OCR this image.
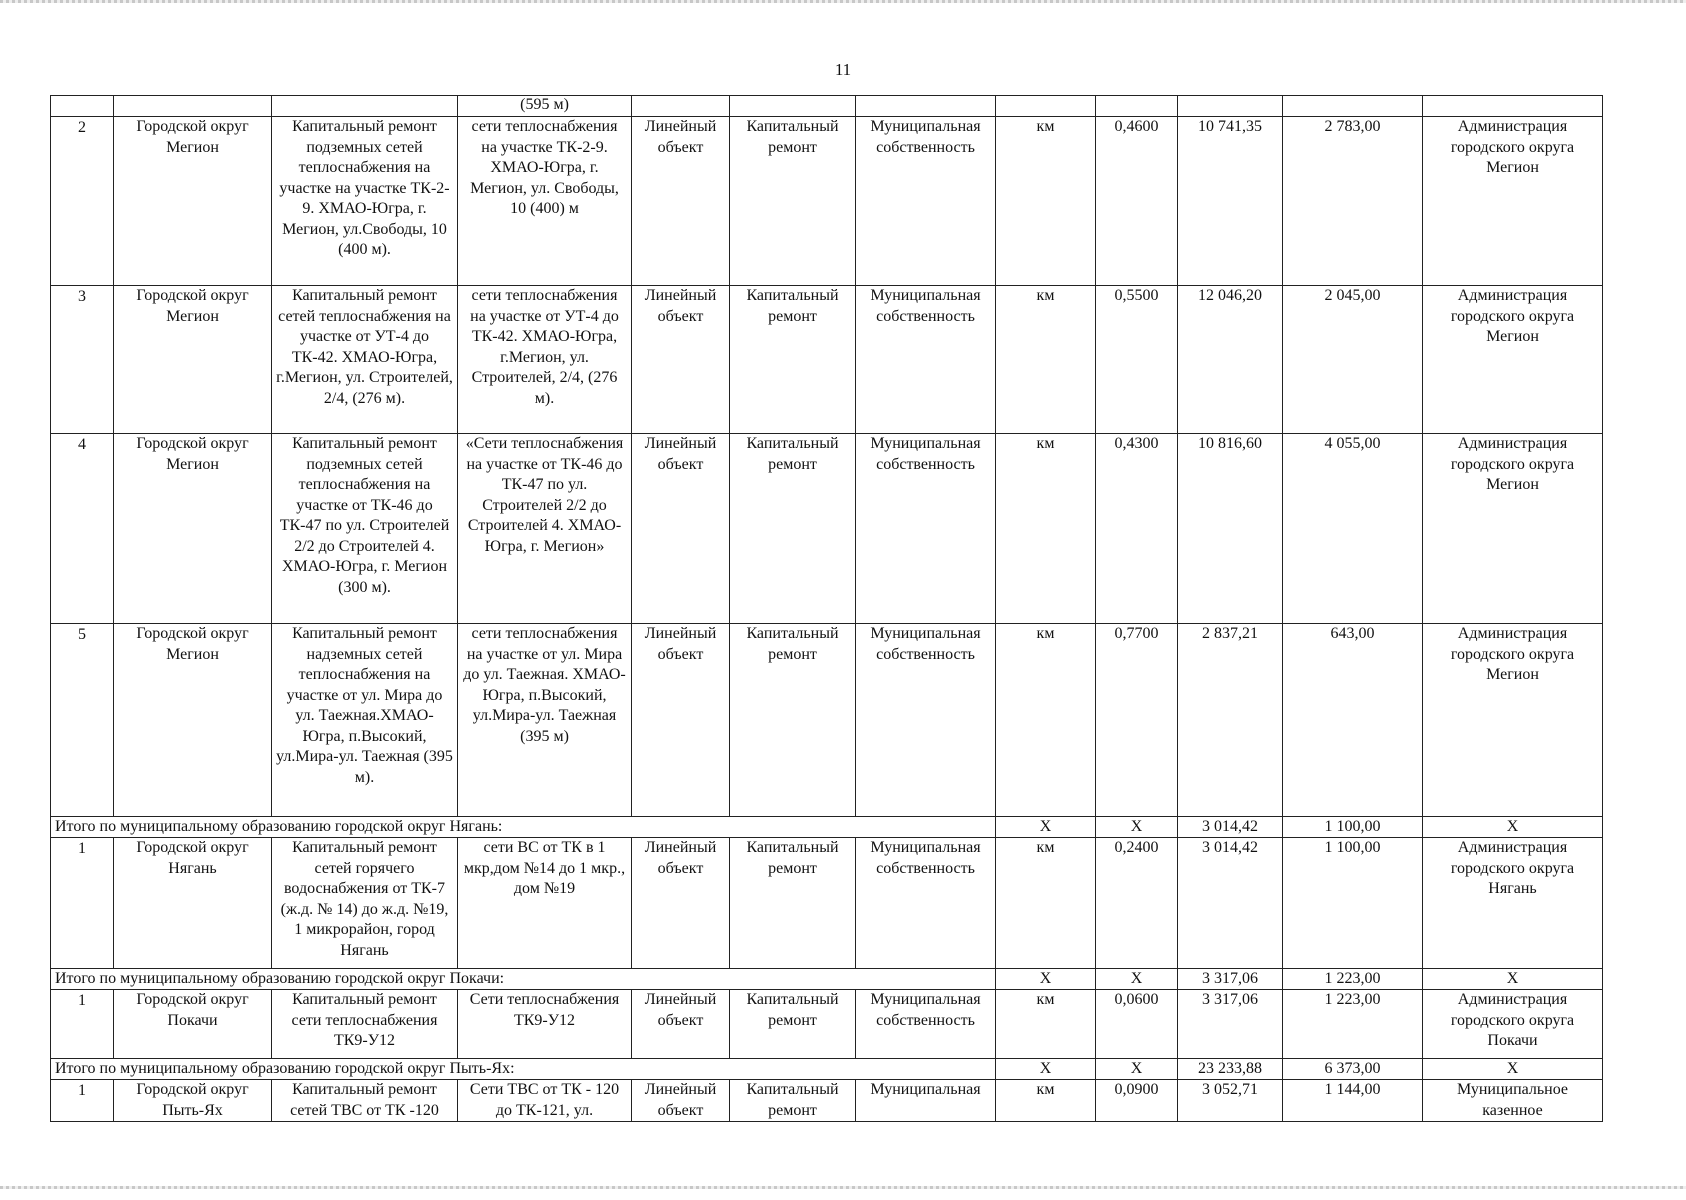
11
			(595 м)								
2	Городской округ Мегион	Капитальный ремонт подземных сетей теплоснабжения на участке на участке ТК-2-9. ХМАО-Югра, г. Мегион, ул.Свободы, 10 (400 м).	сети теплоснабжения на участке ТК-2-9. ХМАО-Югра, г. Мегион, ул. Свободы, 10 (400) м	Линейный объект	Капитальный ремонт	Муниципальная собственность	км	0,4600	10 741,35	2 783,00	Администрация городского округа Мегион
3	Городской округ Мегион	Капитальный ремонт сетей теплоснабжения на участке от УТ-4 до ТК-42. ХМАО-Югра, г.Мегион, ул. Строителей, 2/4, (276 м).	сети теплоснабжения на участке от УТ-4 до ТК-42. ХМАО-Югра, г.Мегион, ул. Строителей, 2/4, (276 м).	Линейный объект	Капитальный ремонт	Муниципальная собственность	км	0,5500	12 046,20	2 045,00	Администрация городского округа Мегион
4	Городской округ Мегион	Капитальный ремонт подземных сетей теплоснабжения на участке от ТК-46 до ТК-47 по ул. Строителей 2/2 до Строителей 4. ХМАО-Югра, г. Мегион (300 м).	«Сети теплоснабжения на участке от ТК-46 до ТК-47 по ул. Строителей 2/2 до Строителей 4. ХМАО-Югра, г. Мегион»	Линейный объект	Капитальный ремонт	Муниципальная собственность	км	0,4300	10 816,60	4 055,00	Администрация городского округа Мегион
5	Городской округ Мегион	Капитальный ремонт надземных сетей теплоснабжения на участке от ул. Мира до ул. Таежная.ХМАО-Югра, п.Высокий, ул.Мира-ул. Таежная (395 м).	сети теплоснабжения на участке от ул. Мира до ул. Таежная. ХМАО-Югра, п.Высокий, ул.Мира-ул. Таежная (395 м)	Линейный объект	Капитальный ремонт	Муниципальная собственность	км	0,7700	2 837,21	643,00	Администрация городского округа Мегион
Итого по муниципальному образованию городской округ Нягань:							Х	Х	3 014,42	1 100,00	Х
1	Городской округ Нягань	Капитальный ремонт сетей горячего водоснабжения от ТК-7 (ж.д. № 14) до ж.д. №19, 1 микрорайон, город Нягань	сети ВС от ТК в 1 мкр,дом №14 до 1 мкр., дом №19	Линейный объект	Капитальный ремонт	Муниципальная собственность	км	0,2400	3 014,42	1 100,00	Администрация городского округа Нягань
Итого по муниципальному образованию городской округ Покачи:							Х	Х	3 317,06	1 223,00	Х
1	Городской округ Покачи	Капитальный ремонт сети теплоснабжения ТК9-У12	Сети теплоснабжения ТК9-У12	Линейный объект	Капитальный ремонт	Муниципальная собственность	км	0,0600	3 317,06	1 223,00	Администрация городского округа Покачи
Итого по муниципальному образованию городской округ Пыть-Ях:							Х	Х	23 233,88	6 373,00	Х
1	Городской округ Пыть-Ях	Капитальный ремонт сетей ТВС от ТК -120	Сети ТВС от ТК - 120 до ТК-121, ул.	Линейный объект	Капитальный ремонт	Муниципальная	км	0,0900	3 052,71	1 144,00	Муниципальное казенное
